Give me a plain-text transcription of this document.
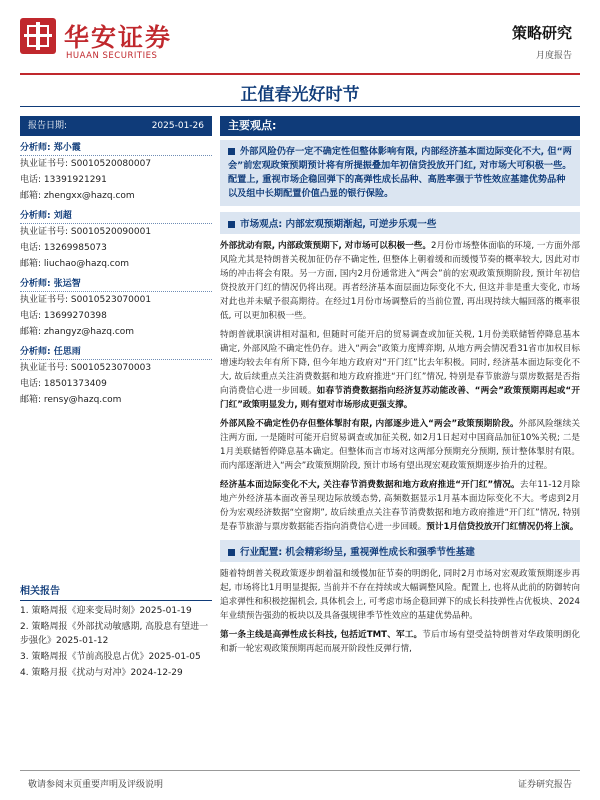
华安证券
HUAAN SECURITIES
策略研究
月度报告
正值春光好时节
报告日期:	2025-01-26
分析师: 郑小霞
执业证书号: S0010520080007
电话: 13391921291
邮箱: zhengxx@hazq.com
分析师: 刘超
执业证书号: S0010520090001
电话: 13269985073
邮箱: liuchao@hazq.com
分析师: 张运智
执业证书号: S0010523070001
电话: 13699270398
邮箱: zhangyz@hazq.com
分析师: 任思雨
执业证书号: S0010523070003
电话: 18501373409
邮箱: rensy@hazq.com
相关报告
1. 策略周报《迎来变局时刻》2025-01-19
2. 策略周报《外部扰动敏感期, 高股息有望进一步强化》2025-01-12
3. 策略周报《节前高股息占优》2025-01-05
4. 策略月报《扰动与对冲》2024-12-29
主要观点:
外部风险仍存一定不确定性但整体影响有限, 内部经济基本面边际变化不大, 但“两会”前宏观政策预期预计将有所提振叠加年初信贷投放开门红, 对市场大可积极一些。配置上, 重视市场企稳回弹下的高弹性成长品种、高胜率强于节性效应基建优势品种以及组中长期配置价值凸显的银行保险。
市场观点: 内部宏观预期渐起, 可逆步乐观一些
外部扰动有限, 内部政策预期下, 对市场可以积极一些。2月份市场整体面临的环境, 一方面外部风险尤其是特朗普关税加征仍存不确定性, 但整体上朝着缓和而缓慢节奏的概率较大, 因此对市场的冲击将会有限。另一方面, 国内2月份通常进入“两会”前的宏观政策预期阶段, 预计年初信贷投放开门红的情况仍将出现。再者经济基本面层面边际变化不大, 但这并非是重大变化, 市场对此也并未赋予很高期待。在经过1月份市场调整后的当前位置, 再出现持续大幅回落的概率很低, 可以更加积极一些。
特朗普就职演讲相对温和, 但随时可能开启的贸易调查或加征关税, 1月份美联储暂停降息基本确定, 外部风险不确定性仍存。进入“两会”政策力度博弈期, 从地方两会情况看31省市加权目标增速均较去年有所下降, 但今年地方政府对“开门红”比去年积极。同时, 经济基本面边际变化不大, 故后续重点关注消费数据和地方政府推进“开门红”情况, 特别是春节旅游与票房数据是否指向消费信心进一步回暖。如春节消费数据指向经济复苏动能改善、“两会”政策预期再起或“开门红”政策明显发力, 则有望对市场形成更强支撑。
外部风险不确定性仍存但整体掣肘有限, 内部逐步进入“两会”政策预期阶段。外部风险继续关注两方面, 一是随时可能开启贸易调查或加征关税, 如2月1日起对中国商品加征10%关税; 二是1月美联储暂停降息基本确定。但整体而言市场对这两部分预期充分预期, 预计整体掣肘有限。而内部逐渐进入“两会”政策预期阶段, 预计市场有望出现宏观政策预期逐步抬升的过程。
经济基本面边际变化不大, 关注春节消费数据和地方政府推进“开门红”情况。去年11-12月除地产外经济基本面改善呈现边际放缓态势, 高频数据显示1月基本面边际变化不大。考虑到2月份为宏观经济数据“空窗期”, 故后续重点关注春节消费数据和地方政府推进“开门红”情况, 特别是春节旅游与票房数据能否指向消费信心进一步回暖。预计1月信贷投放开门红情况仍将上演。
行业配置: 机会精彩纷呈, 重视弹性成长和强季节性基建
随着特朗普关税政策逐步朗着温和缓慢加征节奏的明朗化, 同时2月市场对宏观政策预期逐步再起, 市场将比1月明显提振, 当前并不存在持续或大幅调整风险。配置上, 也将从此前的防御转向追求弹性和积极挖掘机会, 具体机会上, 可考虑市场企稳回弹下的成长科技弹性占优板块、2024年业绩预告强劲的板块以及具备强规律季节性效应的基建优势品种。
第一条主线是高弹性成长科技, 包括近TMT、军工。节后市场有望受益特朗普对华政策明朗化和新一轮宏观政策预期再起而展开阶段性反弹行情,
敬请参阅末页重要声明及评级说明	证券研究报告
